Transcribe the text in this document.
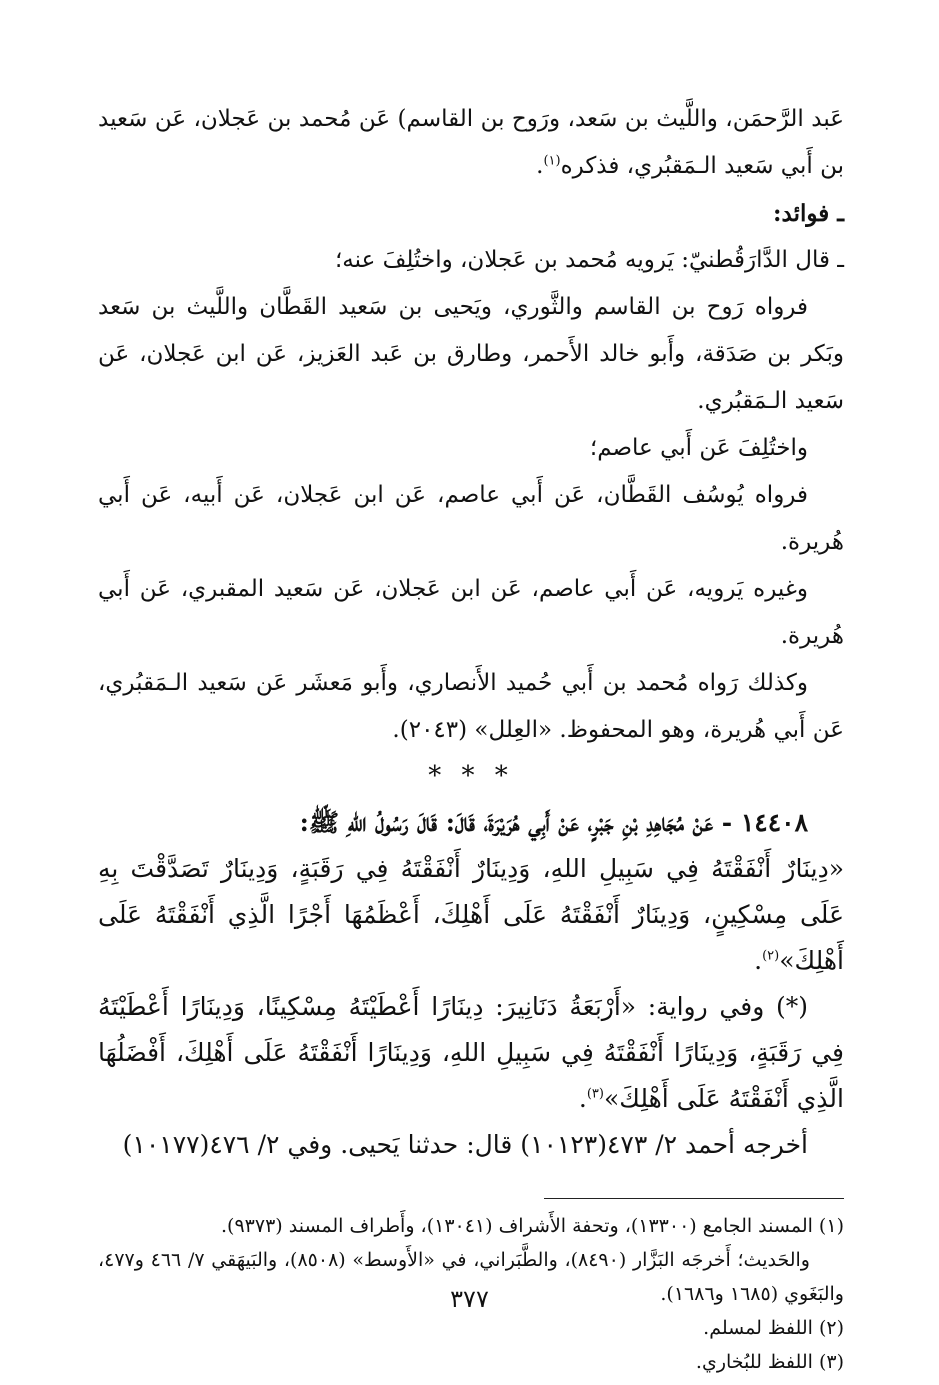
عَبد الرَّحمَن، واللَّيث بن سَعد، ورَوح بن القاسم) عَن مُحمد بن عَجلان، عَن سَعيد بن أَبي سَعيد الـمَقبُري، فذكره$^{(١)}$.

ـ فوائد:

ـ قال الدَّارَقُطنيّ: يَرويه مُحمد بن عَجلان، واختُلِفَ عنه؛

فرواه رَوح بن القاسم والثَّوري، ويَحيى بن سَعيد القَطَّان واللَّيث بن سَعد وبَكر بن صَدَقة، وأَبو خالد الأَحمر، وطارق بن عَبد العَزيز، عَن ابن عَجلان، عَن سَعيد الـمَقبُري.

واختُلِفَ عَن أَبي عاصم؛

فرواه يُوسُف القَطَّان، عَن أَبي عاصم، عَن ابن عَجلان، عَن أَبيه، عَن أَبي هُريرة.

وغيره يَرويه، عَن أَبي عاصم، عَن ابن عَجلان، عَن سَعيد المقبري، عَن أَبي هُريرة.

وكذلك رَواه مُحمد بن أَبي حُميد الأَنصاري، وأَبو مَعشَر عَن سَعيد الـمَقبُري، عَن أَبي هُريرة، وهو المحفوظ. «العِلل» (٢٠٤٣).

* * *

١٤٤٠٨ - عَنْ مُجَاهِدِ بْنِ جَبْرٍ، عَنْ أَبِي هُرَيْرَةَ، قَالَ: قَالَ رَسُولُ اللهِ ﷺ:

«دِينَارٌ أَنْفَقْتَهُ فِي سَبِيلِ اللهِ، وَدِينَارٌ أَنْفَقْتَهُ فِي رَقَبَةٍ، وَدِينَارٌ تَصَدَّقْتَ بِهِ عَلَى مِسْكِينٍ، وَدِينَارٌ أَنْفَقْتَهُ عَلَى أَهْلِكَ، أَعْظَمُهَا أَجْرًا الَّذِي أَنْفَقْتَهُ عَلَى أَهْلِكَ»$^{(٢)}$.

(*) وفي رواية: «أَرْبَعَةُ دَنَانِيرَ: دِينَارًا أَعْطَيْتَهُ مِسْكِينًا، وَدِينَارًا أَعْطَيْتَهُ فِي رَقَبَةٍ، وَدِينَارًا أَنْفَقْتَهُ فِي سَبِيلِ اللهِ، وَدِينَارًا أَنْفَقْتَهُ عَلَى أَهْلِكَ، أَفْضَلُهَا الَّذِي أَنْفَقْتَهُ عَلَى أَهْلِكَ»$^{(٣)}$.

أخرجه أحمد ٢/ ٤٧٣(١٠١٢٣) قال: حدثنا يَحيى. وفي ٢/ ٤٧٦(١٠١٧٧)

(١) المسند الجامع (١٣٣٠٠)، وتحفة الأَشراف (١٣٠٤١)، وأَطراف المسند (٩٣٧٣).

والحَديث؛ أَخرجَه البَزَّار (٨٤٩٠)، والطَّبَراني، في «الأَوسط» (٨٥٠٨)، والبَيهَقي ٧/ ٤٦٦ و٤٧٧، والبَغَوي (١٦٨٥ و١٦٨٦).

(٢) اللفظ لمسلم.

(٣) اللفظ للبُخاري.

٣٧٧
